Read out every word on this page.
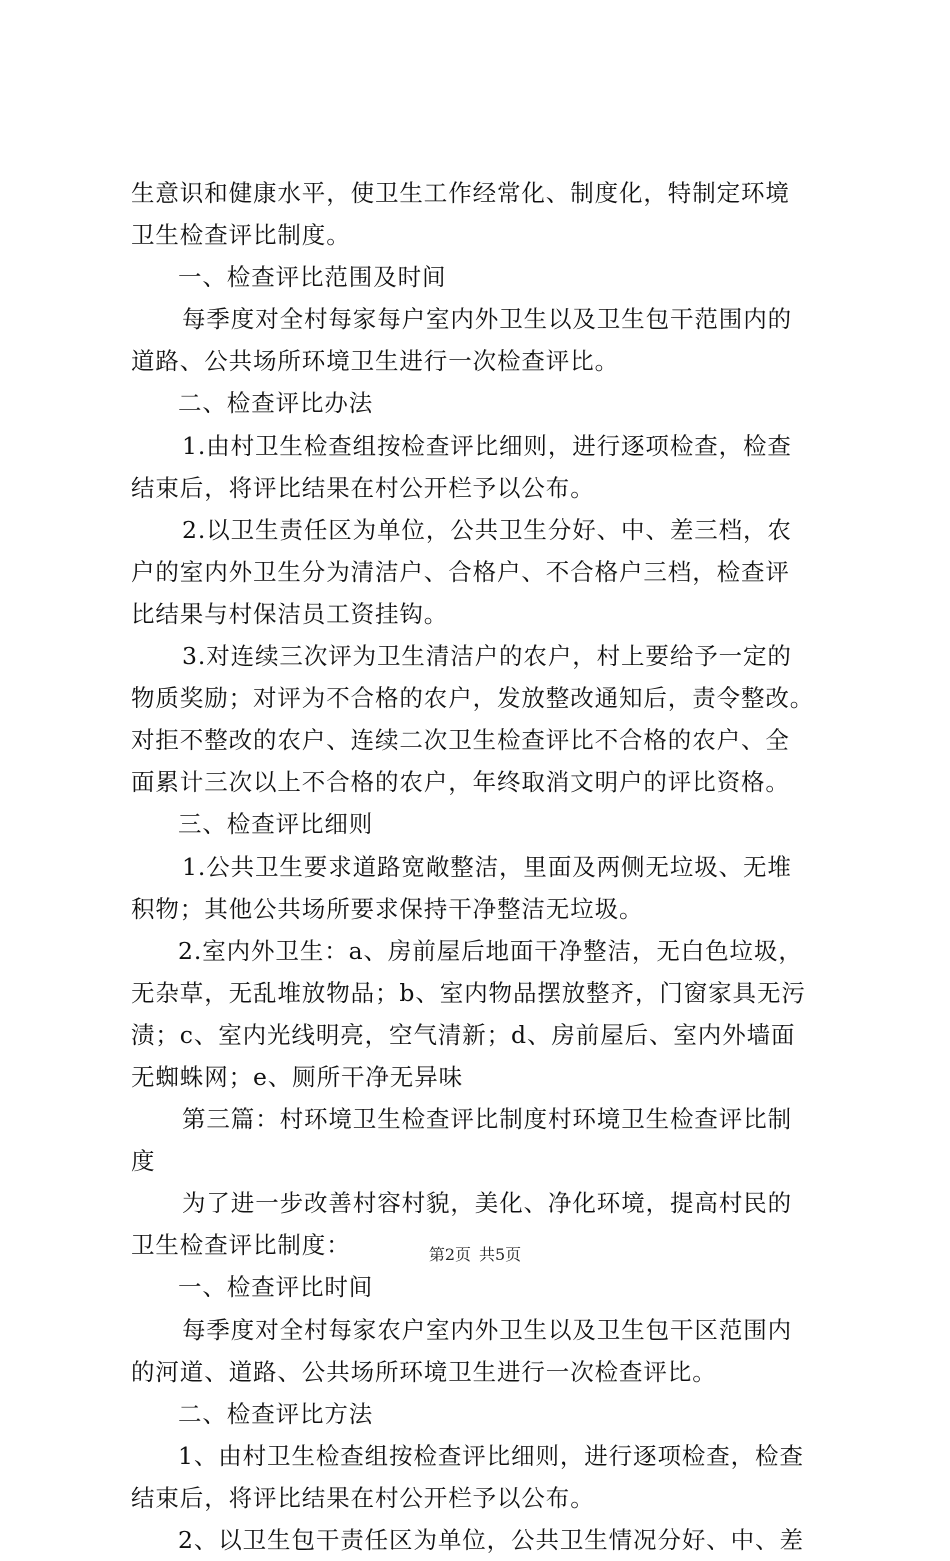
生意识和健康水平，使卫生工作经常化、制度化，特制定环境
卫生检查评比制度。
一、检查评比范围及时间
每季度对全村每家每户室内外卫生以及卫生包干范围内的
道路、公共场所环境卫生进行一次检查评比。
二、检查评比办法
1.由村卫生检查组按检查评比细则，进行逐项检查，检查
结束后，将评比结果在村公开栏予以公布。
2.以卫生责任区为单位，公共卫生分好、中、差三档，农
户的室内外卫生分为清洁户、合格户、不合格户三档，检查评
比结果与村保洁员工资挂钩。
3.对连续三次评为卫生清洁户的农户，村上要给予一定的
物质奖励；对评为不合格的农户，发放整改通知后，责令整改。
对拒不整改的农户、连续二次卫生检查评比不合格的农户、全
面累计三次以上不合格的农户，年终取消文明户的评比资格。
三、检查评比细则
1.公共卫生要求道路宽敞整洁，里面及两侧无垃圾、无堆
积物；其他公共场所要求保持干净整洁无垃圾。
2.室内外卫生：a、房前屋后地面干净整洁，无白色垃圾，
无杂草，无乱堆放物品；b、室内物品摆放整齐，门窗家具无污
渍；c、室内光线明亮，空气清新；d、房前屋后、室内外墙面
无蜘蛛网；e、厕所干净无异味
第三篇：村环境卫生检查评比制度村环境卫生检查评比制
度
为了进一步改善村容村貌，美化、净化环境，提高村民的
卫生检查评比制度：
一、检查评比时间
每季度对全村每家农户室内外卫生以及卫生包干区范围内
的河道、道路、公共场所环境卫生进行一次检查评比。
二、检查评比方法
1、由村卫生检查组按检查评比细则，进行逐项检查，检查
结束后，将评比结果在村公开栏予以公布。
2、以卫生包干责任区为单位，公共卫生情况分好、中、差
第2页 共5页
